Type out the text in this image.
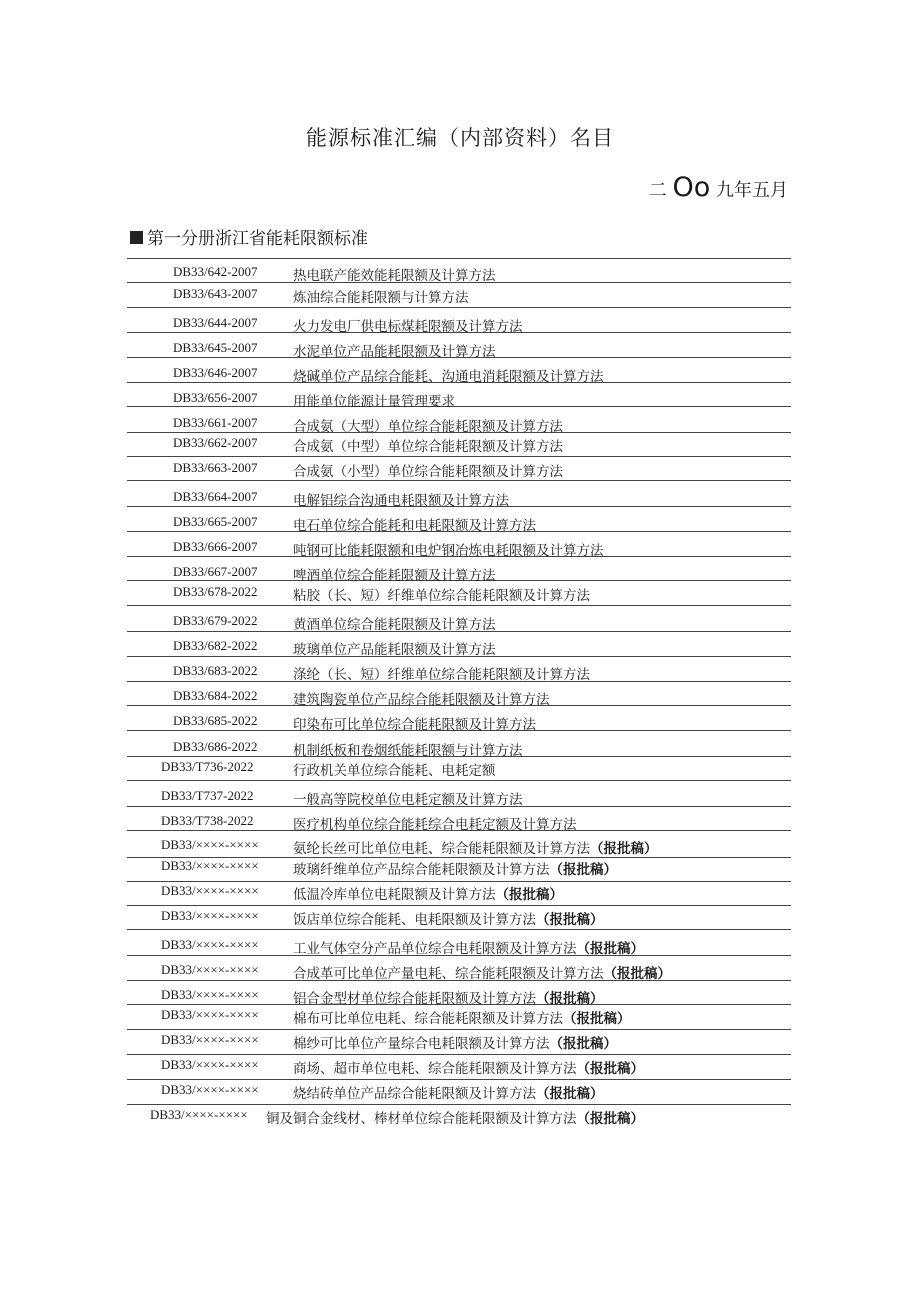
能源标准汇编（内部资料）名目
二 Oo 九年五月
第一分册浙江省能耗限额标准
DB33/642-2007	热电联产能效能耗限额及计算方法
DB33/643-2007	炼油综合能耗限额与计算方法
DB33/644-2007	火力发电厂供电标煤耗限额及计算方法
DB33/645-2007	水泥单位产品能耗限额及计算方法
DB33/646-2007	烧碱单位产品综合能耗、沟通电消耗限额及计算方法
DB33/656-2007	用能单位能源计量管理要求
DB33/661-2007	合成氨（大型）单位综合能耗限额及计算方法
DB33/662-2007	合成氨（中型）单位综合能耗限额及计算方法
DB33/663-2007	合成氨（小型）单位综合能耗限额及计算方法
DB33/664-2007	电解铝综合沟通电耗限额及计算方法
DB33/665-2007	电石单位综合能耗和电耗限额及计算方法
DB33/666-2007	吨钢可比能耗限额和电炉钢冶炼电耗限额及计算方法
DB33/667-2007	啤酒单位综合能耗限额及计算方法
DB33/678-2022	粘胶（长、短）纤维单位综合能耗限额及计算方法
DB33/679-2022	黄酒单位综合能耗限额及计算方法
DB33/682-2022	玻璃单位产品能耗限额及计算方法
DB33/683-2022	涤纶（长、短）纤维单位综合能耗限额及计算方法
DB33/684-2022	建筑陶瓷单位产品综合能耗限额及计算方法
DB33/685-2022	印染布可比单位综合能耗限额及计算方法
DB33/686-2022	机制纸板和卷烟纸能耗限额与计算方法
DB33/T736-2022	行政机关单位综合能耗、电耗定额
DB33/T737-2022	一般高等院校单位电耗定额及计算方法
DB33/T738-2022	医疗机构单位综合能耗综合电耗定额及计算方法
DB33/××××-××××	氨纶长丝可比单位电耗、综合能耗限额及计算方法（报批稿）
DB33/××××-××××	玻璃纤维单位产品综合能耗限额及计算方法（报批稿）
DB33/××××-××××	低温冷库单位电耗限额及计算方法（报批稿）
DB33/××××-××××	饭店单位综合能耗、电耗限额及计算方法（报批稿）
DB33/××××-××××	工业气体空分产品单位综合电耗限额及计算方法（报批稿）
DB33/××××-××××	合成革可比单位产量电耗、综合能耗限额及计算方法（报批稿）
DB33/××××-××××	铝合金型材单位综合能耗限额及计算方法（报批稿）
DB33/××××-××××	棉布可比单位电耗、综合能耗限额及计算方法（报批稿）
DB33/××××-××××	棉纱可比单位产量综合电耗限额及计算方法（报批稿）
DB33/××××-××××	商场、超市单位电耗、综合能耗限额及计算方法（报批稿）
DB33/××××-××××	烧结砖单位产品综合能耗限额及计算方法（报批稿）
DB33/××××-×××× 铜及铜合金线材、棒材单位综合能耗限额及计算方法（报批稿）
